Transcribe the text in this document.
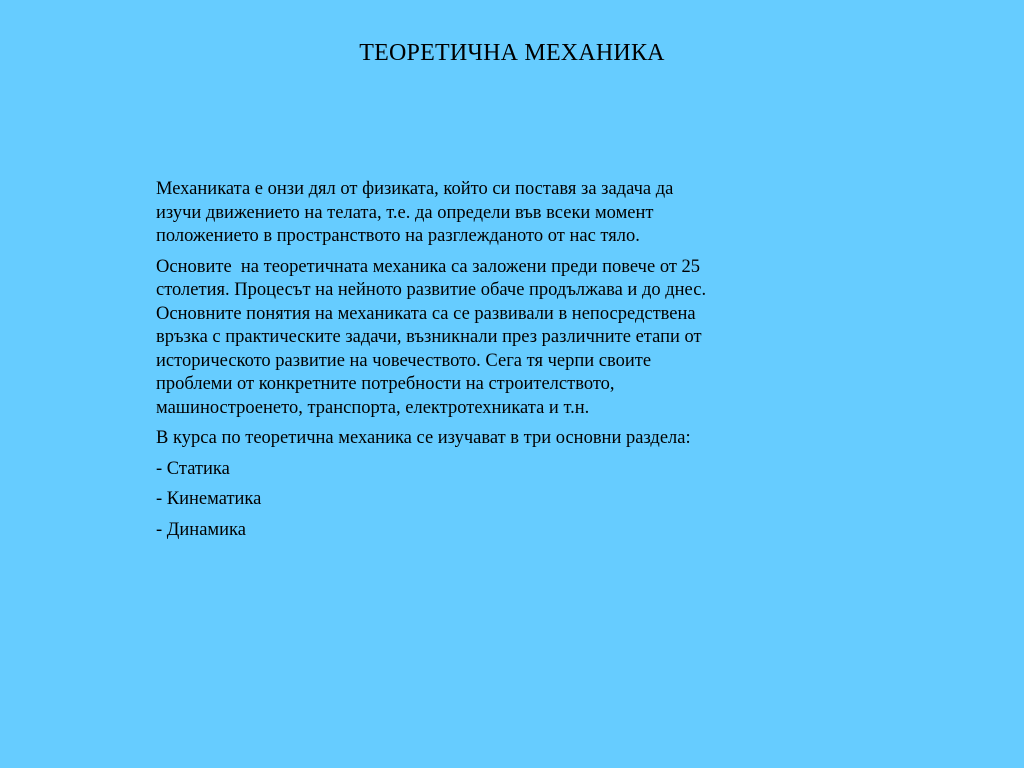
ТЕОРЕТИЧНА МЕХАНИКА

Механиката е онзи дял от физиката, който си поставя за задача да
изучи движението на телата, т.е. да определи във всеки момент
положението в пространството на разглежданото от нас тяло.

Основите  на теоретичната механика са заложени преди повече от 25
столетия. Процесът на нейното развитие обаче продължава и до днес.
Основните понятия на механиката са се развивали в непосредствена
връзка с практическите задачи, възникнали през различните етапи от
историческото развитие на човечеството. Сега тя черпи своите
проблеми от конкретните потребности на строителството,
машиностроенето, транспорта, електротехниката и т.н.

В курса по теоретична механика се изучават в три основни раздела:

- Статика

- Кинематика

- Динамика
